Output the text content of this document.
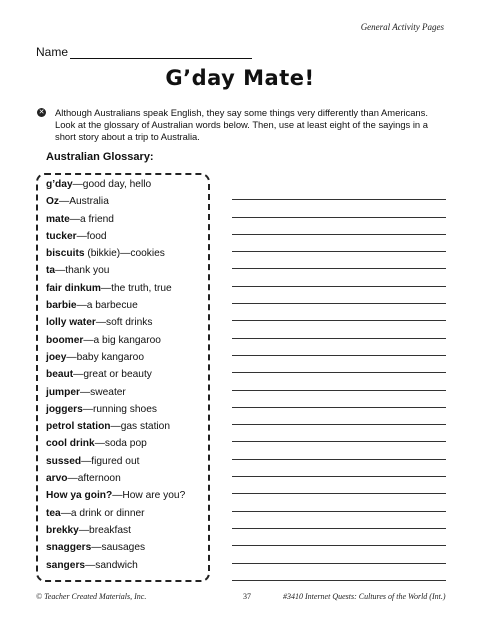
General Activity Pages
Name
G’day Mate!
✕ Although Australians speak English, they say some things very differently than Americans. Look at the glossary of Australian words below. Then, use at least eight of the sayings in a short story about a trip to Australia.
Australian Glossary:
g’day—good day, hello
Oz—Australia
mate—a friend
tucker—food
biscuits (bikkie)—cookies
ta—thank you
fair dinkum—the truth, true
barbie—a barbecue
lolly water—soft drinks
boomer—a big kangaroo
joey—baby kangaroo
beaut—great or beauty
jumper—sweater
joggers—running shoes
petrol station—gas station
cool drink—soda pop
sussed—figured out
arvo—afternoon
How ya goin?—How are you?
tea—a drink or dinner
brekky—breakfast
snaggers—sausages
sangers—sandwich
© Teacher Created Materials, Inc.	37	#3410 Internet Quests: Cultures of the World (Int.)
